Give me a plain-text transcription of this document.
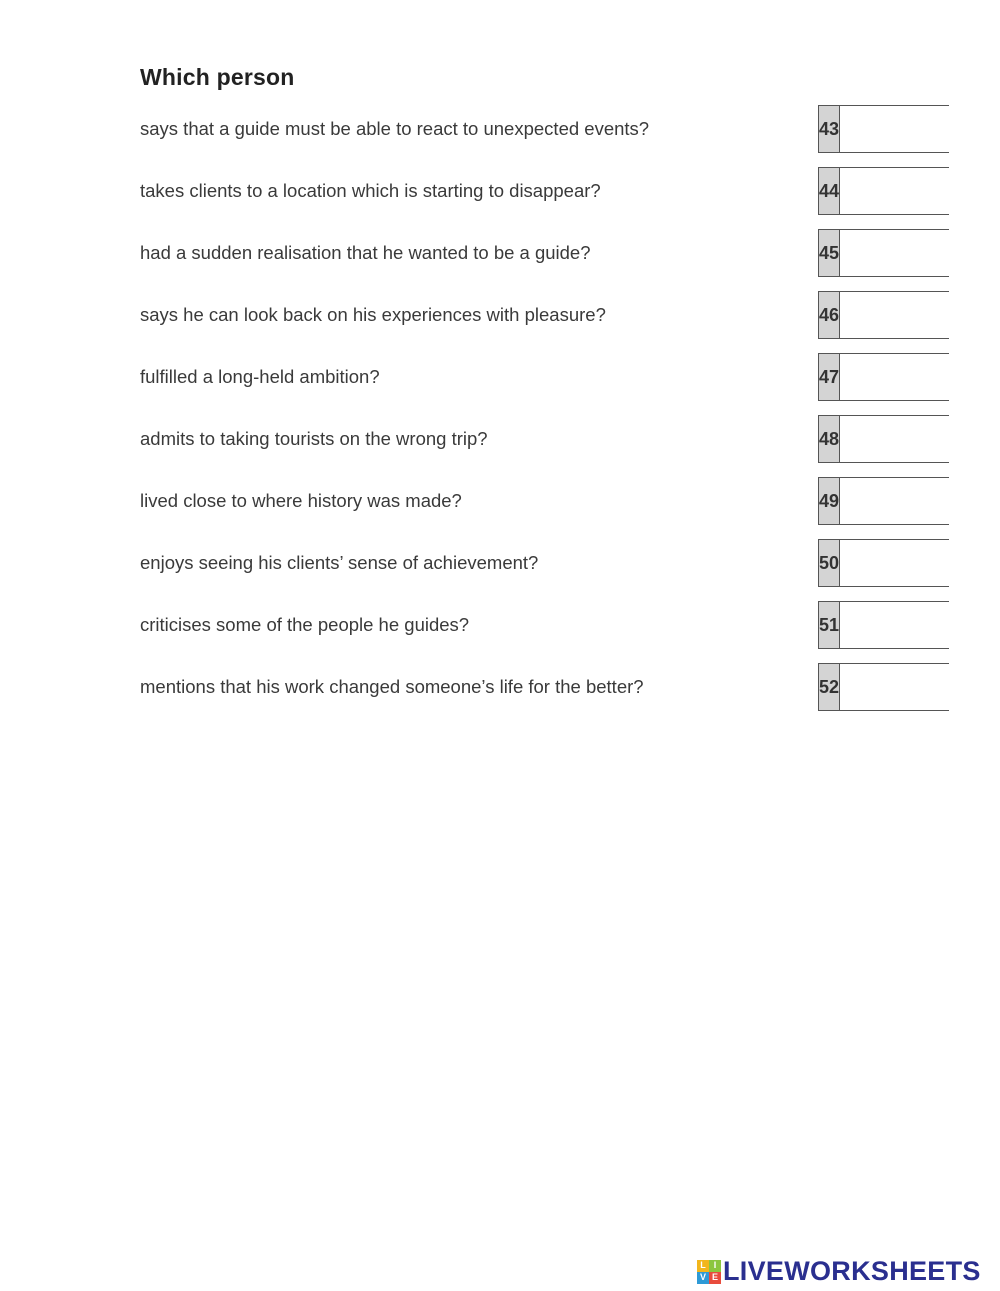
Which person
says that a guide must be able to react to unexpected events?	43
takes clients to a location which is starting to disappear?	44
had a sudden realisation that he wanted to be a guide?	45
says he can look back on his experiences with pleasure?	46
fulfilled a long-held ambition?	47
admits to taking tourists on the wrong trip?	48
lived close to where history was made?	49
enjoys seeing his clients’ sense of achievement?	50
criticises some of the people he guides?	51
mentions that his work changed someone’s life for the better?	52
L I
V E LIVEWORKSHEETS
